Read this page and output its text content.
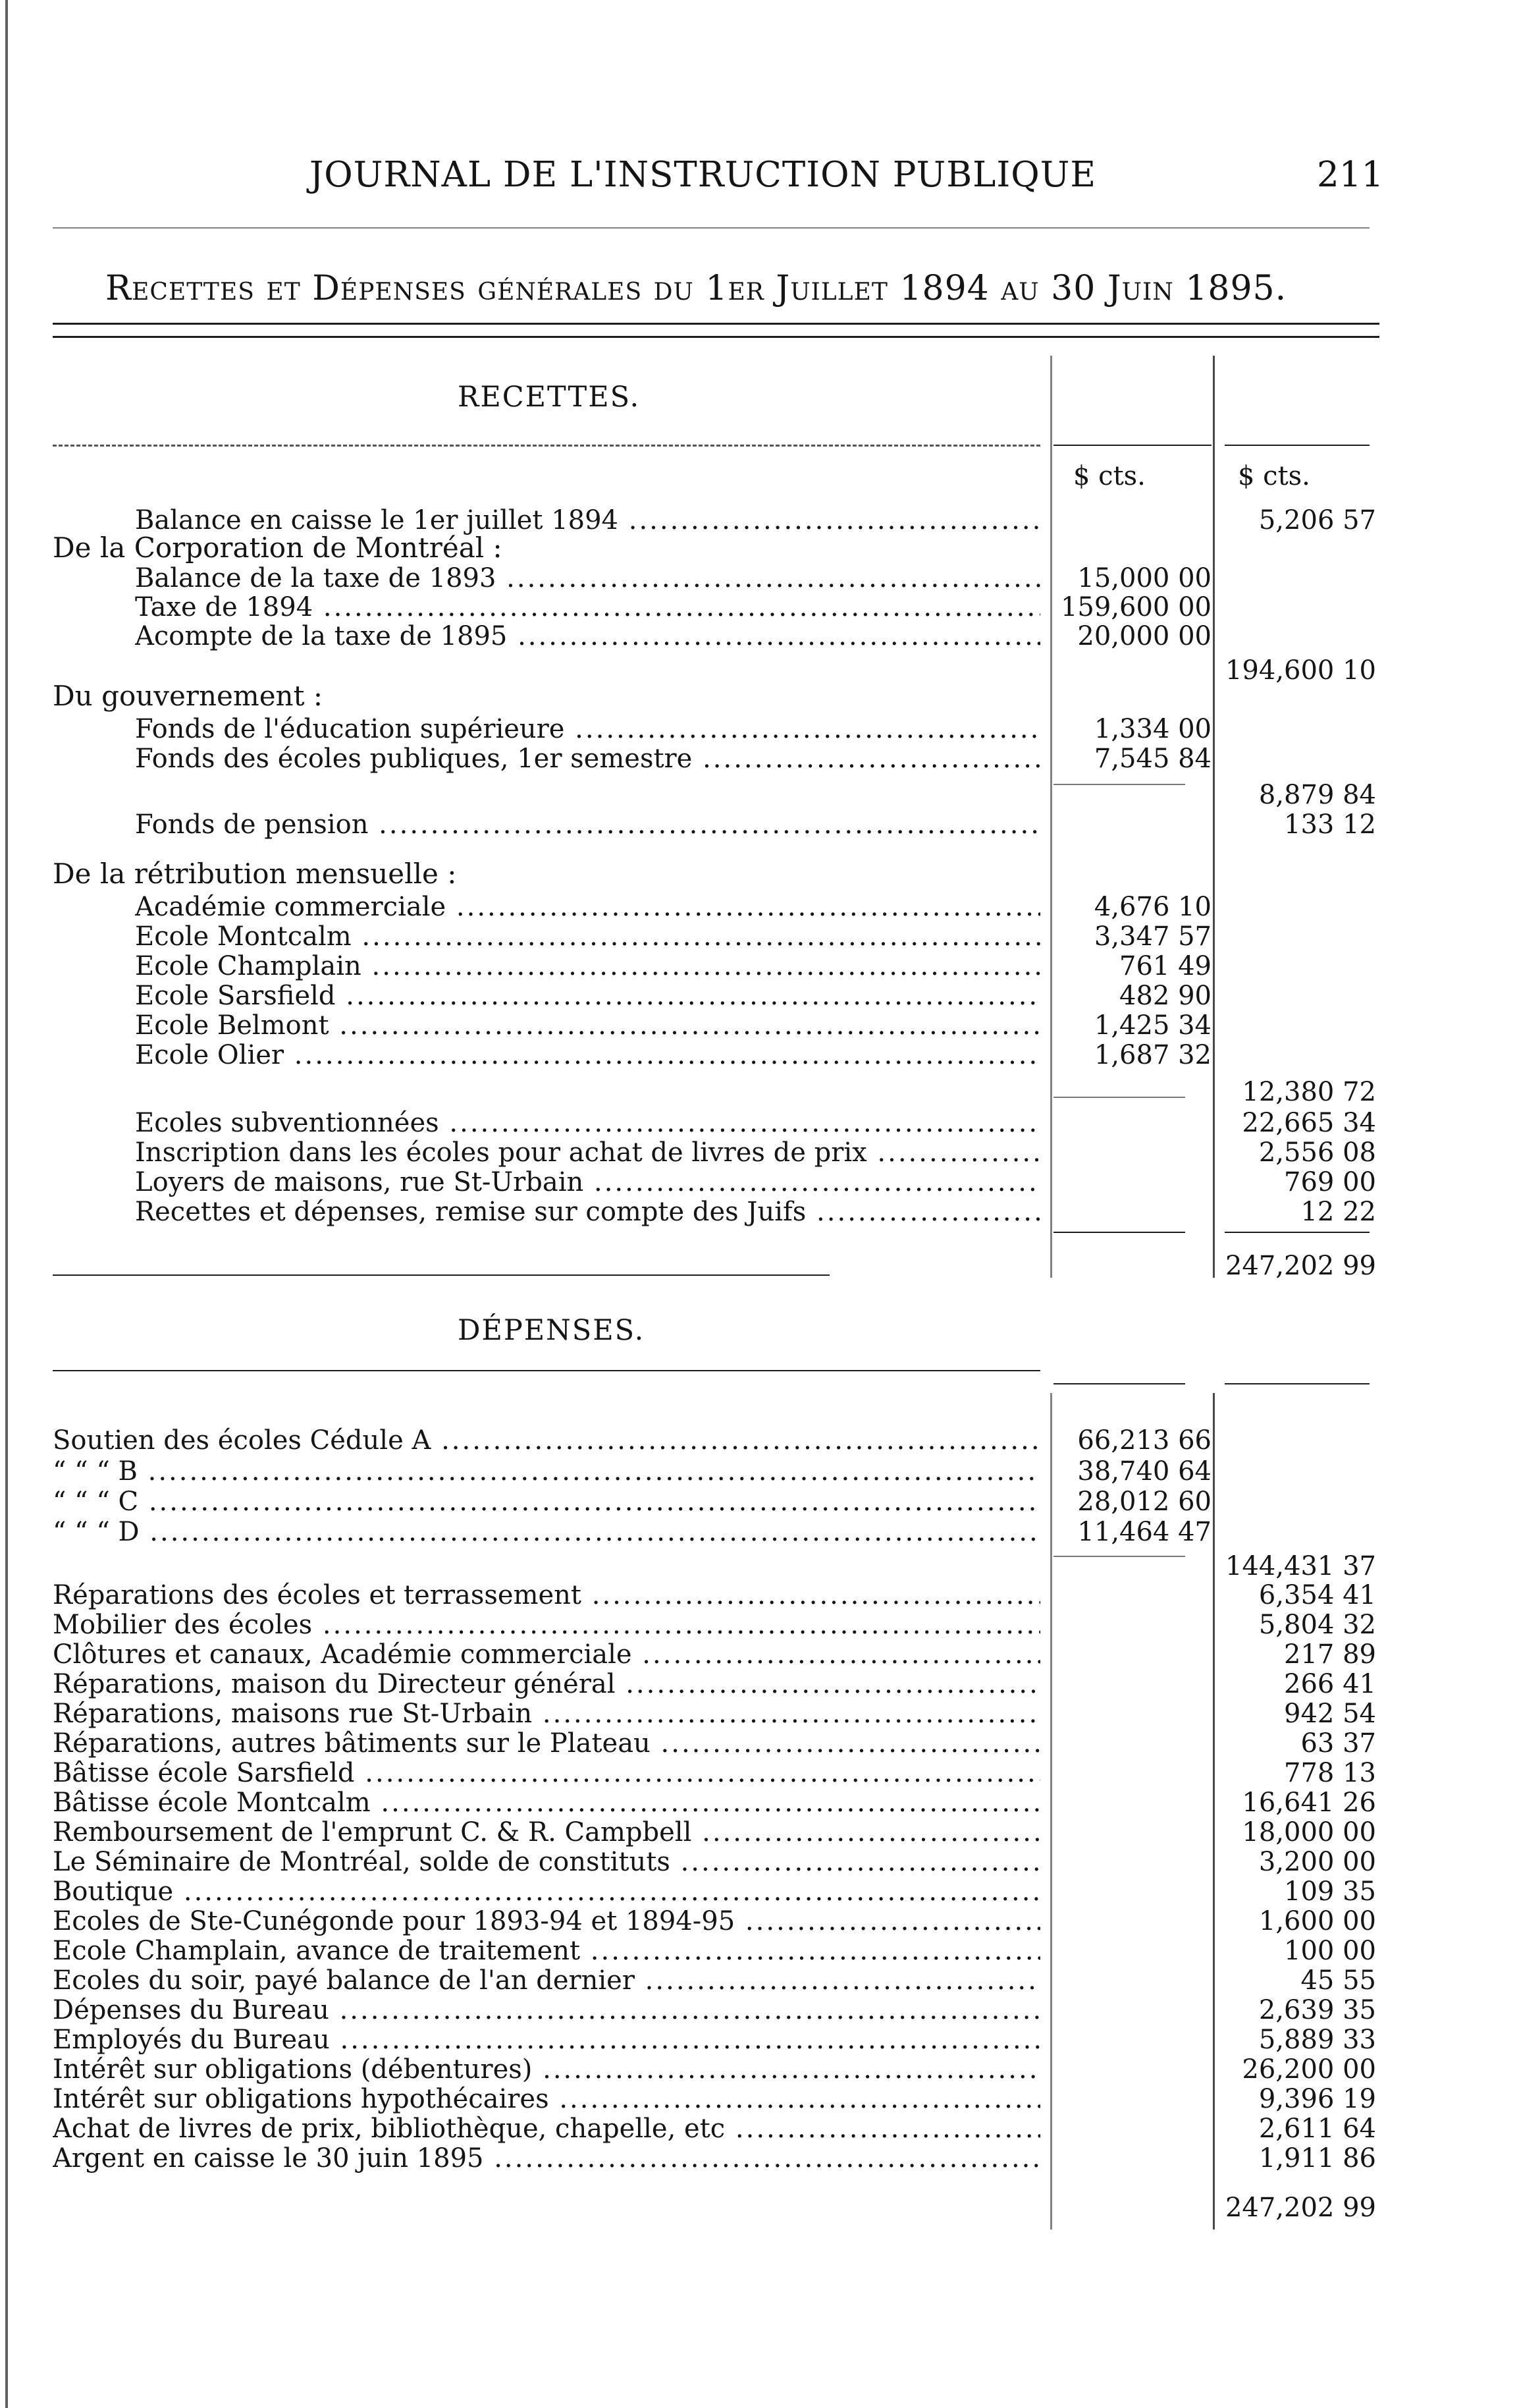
JOURNAL DE L'INSTRUCTION PUBLIQUE	211
Recettes et Dépenses générales du 1er Juillet 1894 au 30 Juin 1895.
RECETTES.
$ cts.	$ cts.
Balance en caisse le 1er juillet 1894 .....	5,206 57
De la Corporation de Montréal :
Balance de la taxe de 1893 .....	15,000 00
Taxe de 1894 .....	159,600 00
Acompte de la taxe de 1895 .....	20,000 00
194,600 10
Du gouvernement :
Fonds de l'éducation supérieure .....	1,334 00
Fonds des écoles publiques, 1er semestre .....	7,545 84
8,879 84
Fonds de pension .....	133 12
De la rétribution mensuelle :
Académie commerciale .....	4,676 10
Ecole Montcalm .....	3,347 57
Ecole Champlain .....	761 49
Ecole Sarsfield .....	482 90
Ecole Belmont .....	1,425 34
Ecole Olier .....	1,687 32
12,380 72
Ecoles subventionnées .....	22,665 34
Inscription dans les écoles pour achat de livres de prix .....	2,556 08
Loyers de maisons, rue St-Urbain .....	769 00
Recettes et dépenses, remise sur compte des Juifs .....	12 22
247,202 99
DÉPENSES.
Soutien des écoles Cédule A .....	66,213 66
“ “ “ B .....	38,740 64
“ “ “ C .....	28,012 60
“ “ “ D .....	11,464 47
144,431 37
Réparations des écoles et terrassement .....	6,354 41
Mobilier des écoles .....	5,804 32
Clôtures et canaux, Académie commerciale .....	217 89
Réparations, maison du Directeur général .....	266 41
Réparations, maisons rue St-Urbain .....	942 54
Réparations, autres bâtiments sur le Plateau .....	63 37
Bâtisse école Sarsfield .....	778 13
Bâtisse école Montcalm .....	16,641 26
Remboursement de l'emprunt C. & R. Campbell .....	18,000 00
Le Séminaire de Montréal, solde de constituts .....	3,200 00
Boutique .....	109 35
Ecoles de Ste-Cunégonde pour 1893-94 et 1894-95 .....	1,600 00
Ecole Champlain, avance de traitement .....	100 00
Ecoles du soir, payé balance de l'an dernier .....	45 55
Dépenses du Bureau .....	2,639 35
Employés du Bureau .....	5,889 33
Intérêt sur obligations (débentures) .....	26,200 00
Intérêt sur obligations hypothécaires .....	9,396 19
Achat de livres de prix, bibliothèque, chapelle, etc .....	2,611 64
Argent en caisse le 30 juin 1895 .....	1,911 86
247,202 99
